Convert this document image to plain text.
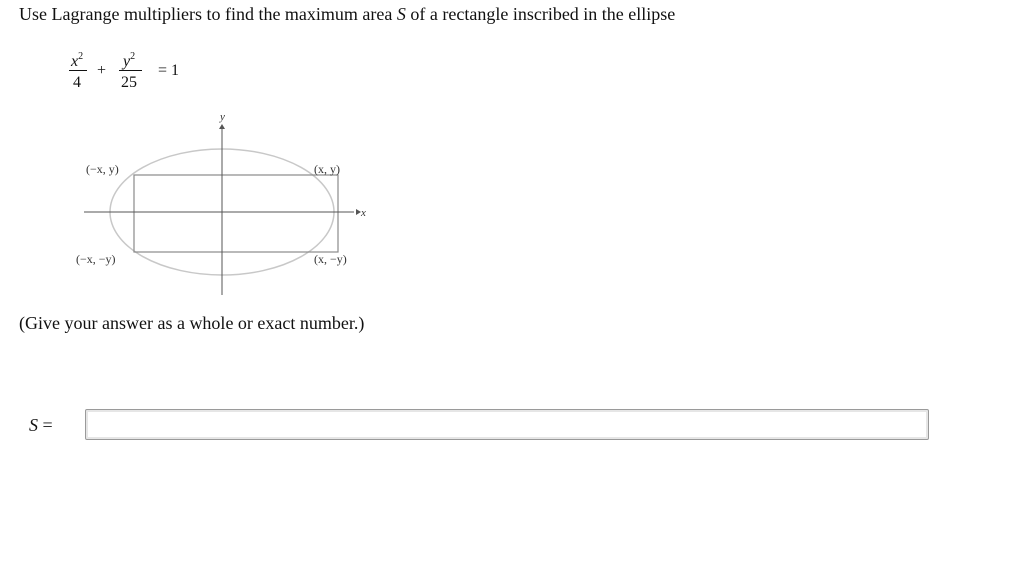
Use Lagrange multipliers to find the maximum area S of a rectangle inscribed in the ellipse
$x^2$
4
+
$y^2$
25
= 1
y
x
(−x, y)	(x, y)
(−x, −y)	(x, −y)
(Give your answer as a whole or exact number.)
S =
